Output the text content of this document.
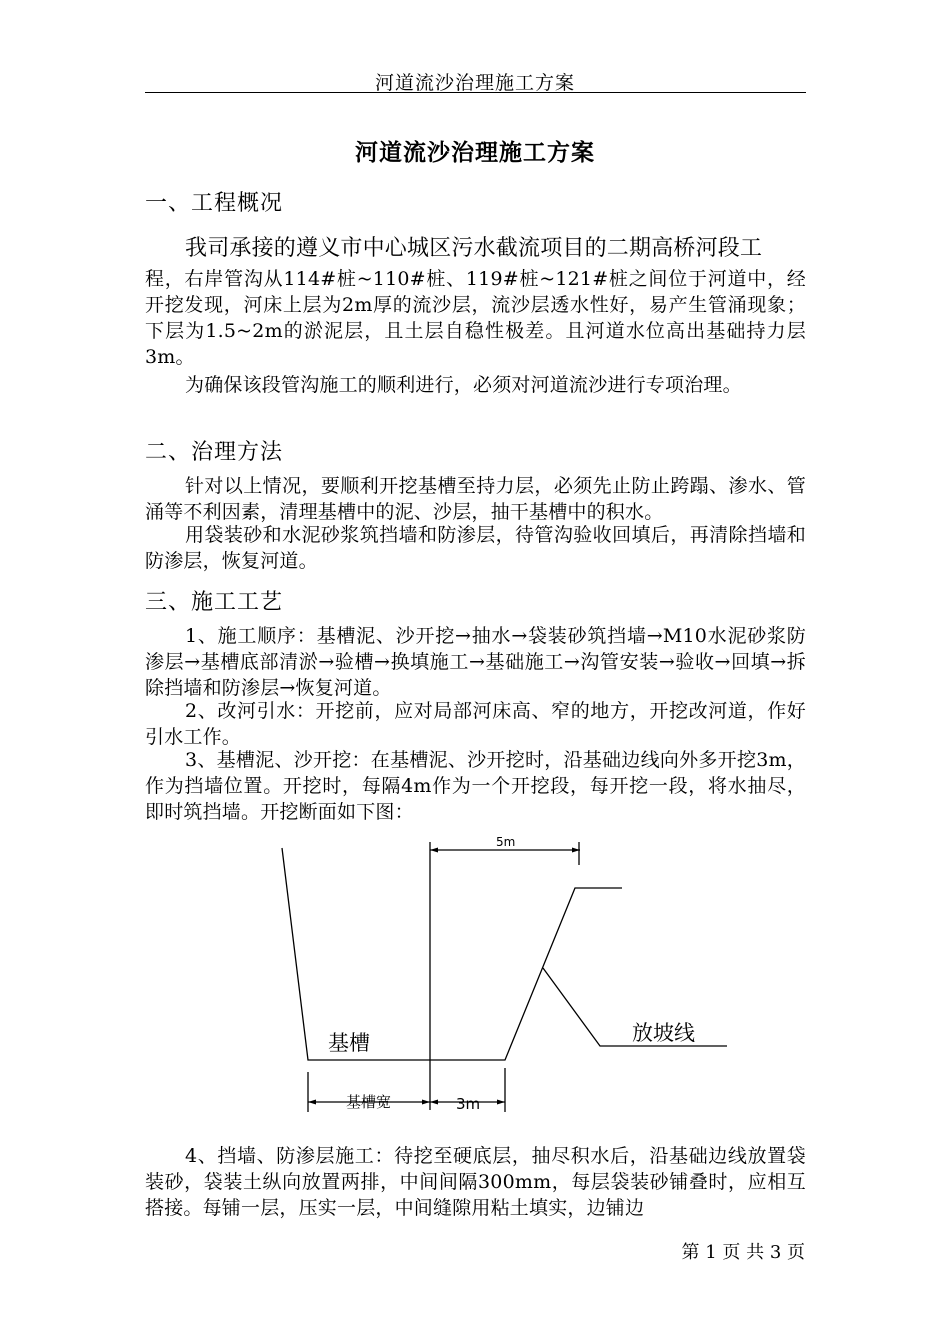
河道流沙治理施工方案
河道流沙治理施工方案
一、工程概况
我司承接的遵义市中心城区污水截流项目的二期高桥河段工
程，右岸管沟从114#桩~110#桩、119#桩~121#桩之间位于河道中，经开挖发现，河床上层为2m厚的流沙层，流沙层透水性好，易产生管涌现象；下层为1.5~2m的淤泥层，且土层自稳性极差。且河道水位高出基础持力层3m。
为确保该段管沟施工的顺利进行，必须对河道流沙进行专项治理。
二、治理方法
针对以上情况，要顺利开挖基槽至持力层，必须先止防止跨蹋、渗水、管涌等不利因素，清理基槽中的泥、沙层，抽干基槽中的积水。
用袋装砂和水泥砂浆筑挡墙和防渗层，待管沟验收回填后，再清除挡墙和防渗层，恢复河道。
三、施工工艺
1、施工顺序：基槽泥、沙开挖→抽水→袋装砂筑挡墙→M10水泥砂浆防渗层→基槽底部清淤→验槽→换填施工→基础施工→沟管安装→验收→回填→拆除挡墙和防渗层→恢复河道。
2、改河引水：开挖前，应对局部河床高、窄的地方，开挖改河道，作好引水工作。
3、基槽泥、沙开挖：在基槽泥、沙开挖时，沿基础边线向外多开挖3m，作为挡墙位置。开挖时，每隔4m作为一个开挖段，每开挖一段，将水抽尽，即时筑挡墙。开挖断面如下图：
5m
基槽	放坡线
基槽宽	3m
4、挡墙、防渗层施工：待挖至硬底层，抽尽积水后，沿基础边线放置袋装砂，袋装土纵向放置两排，中间间隔300mm，每层袋装砂铺叠时，应相互搭接。每铺一层，压实一层，中间缝隙用粘土填实，边铺边
第 1 页 共 3 页
